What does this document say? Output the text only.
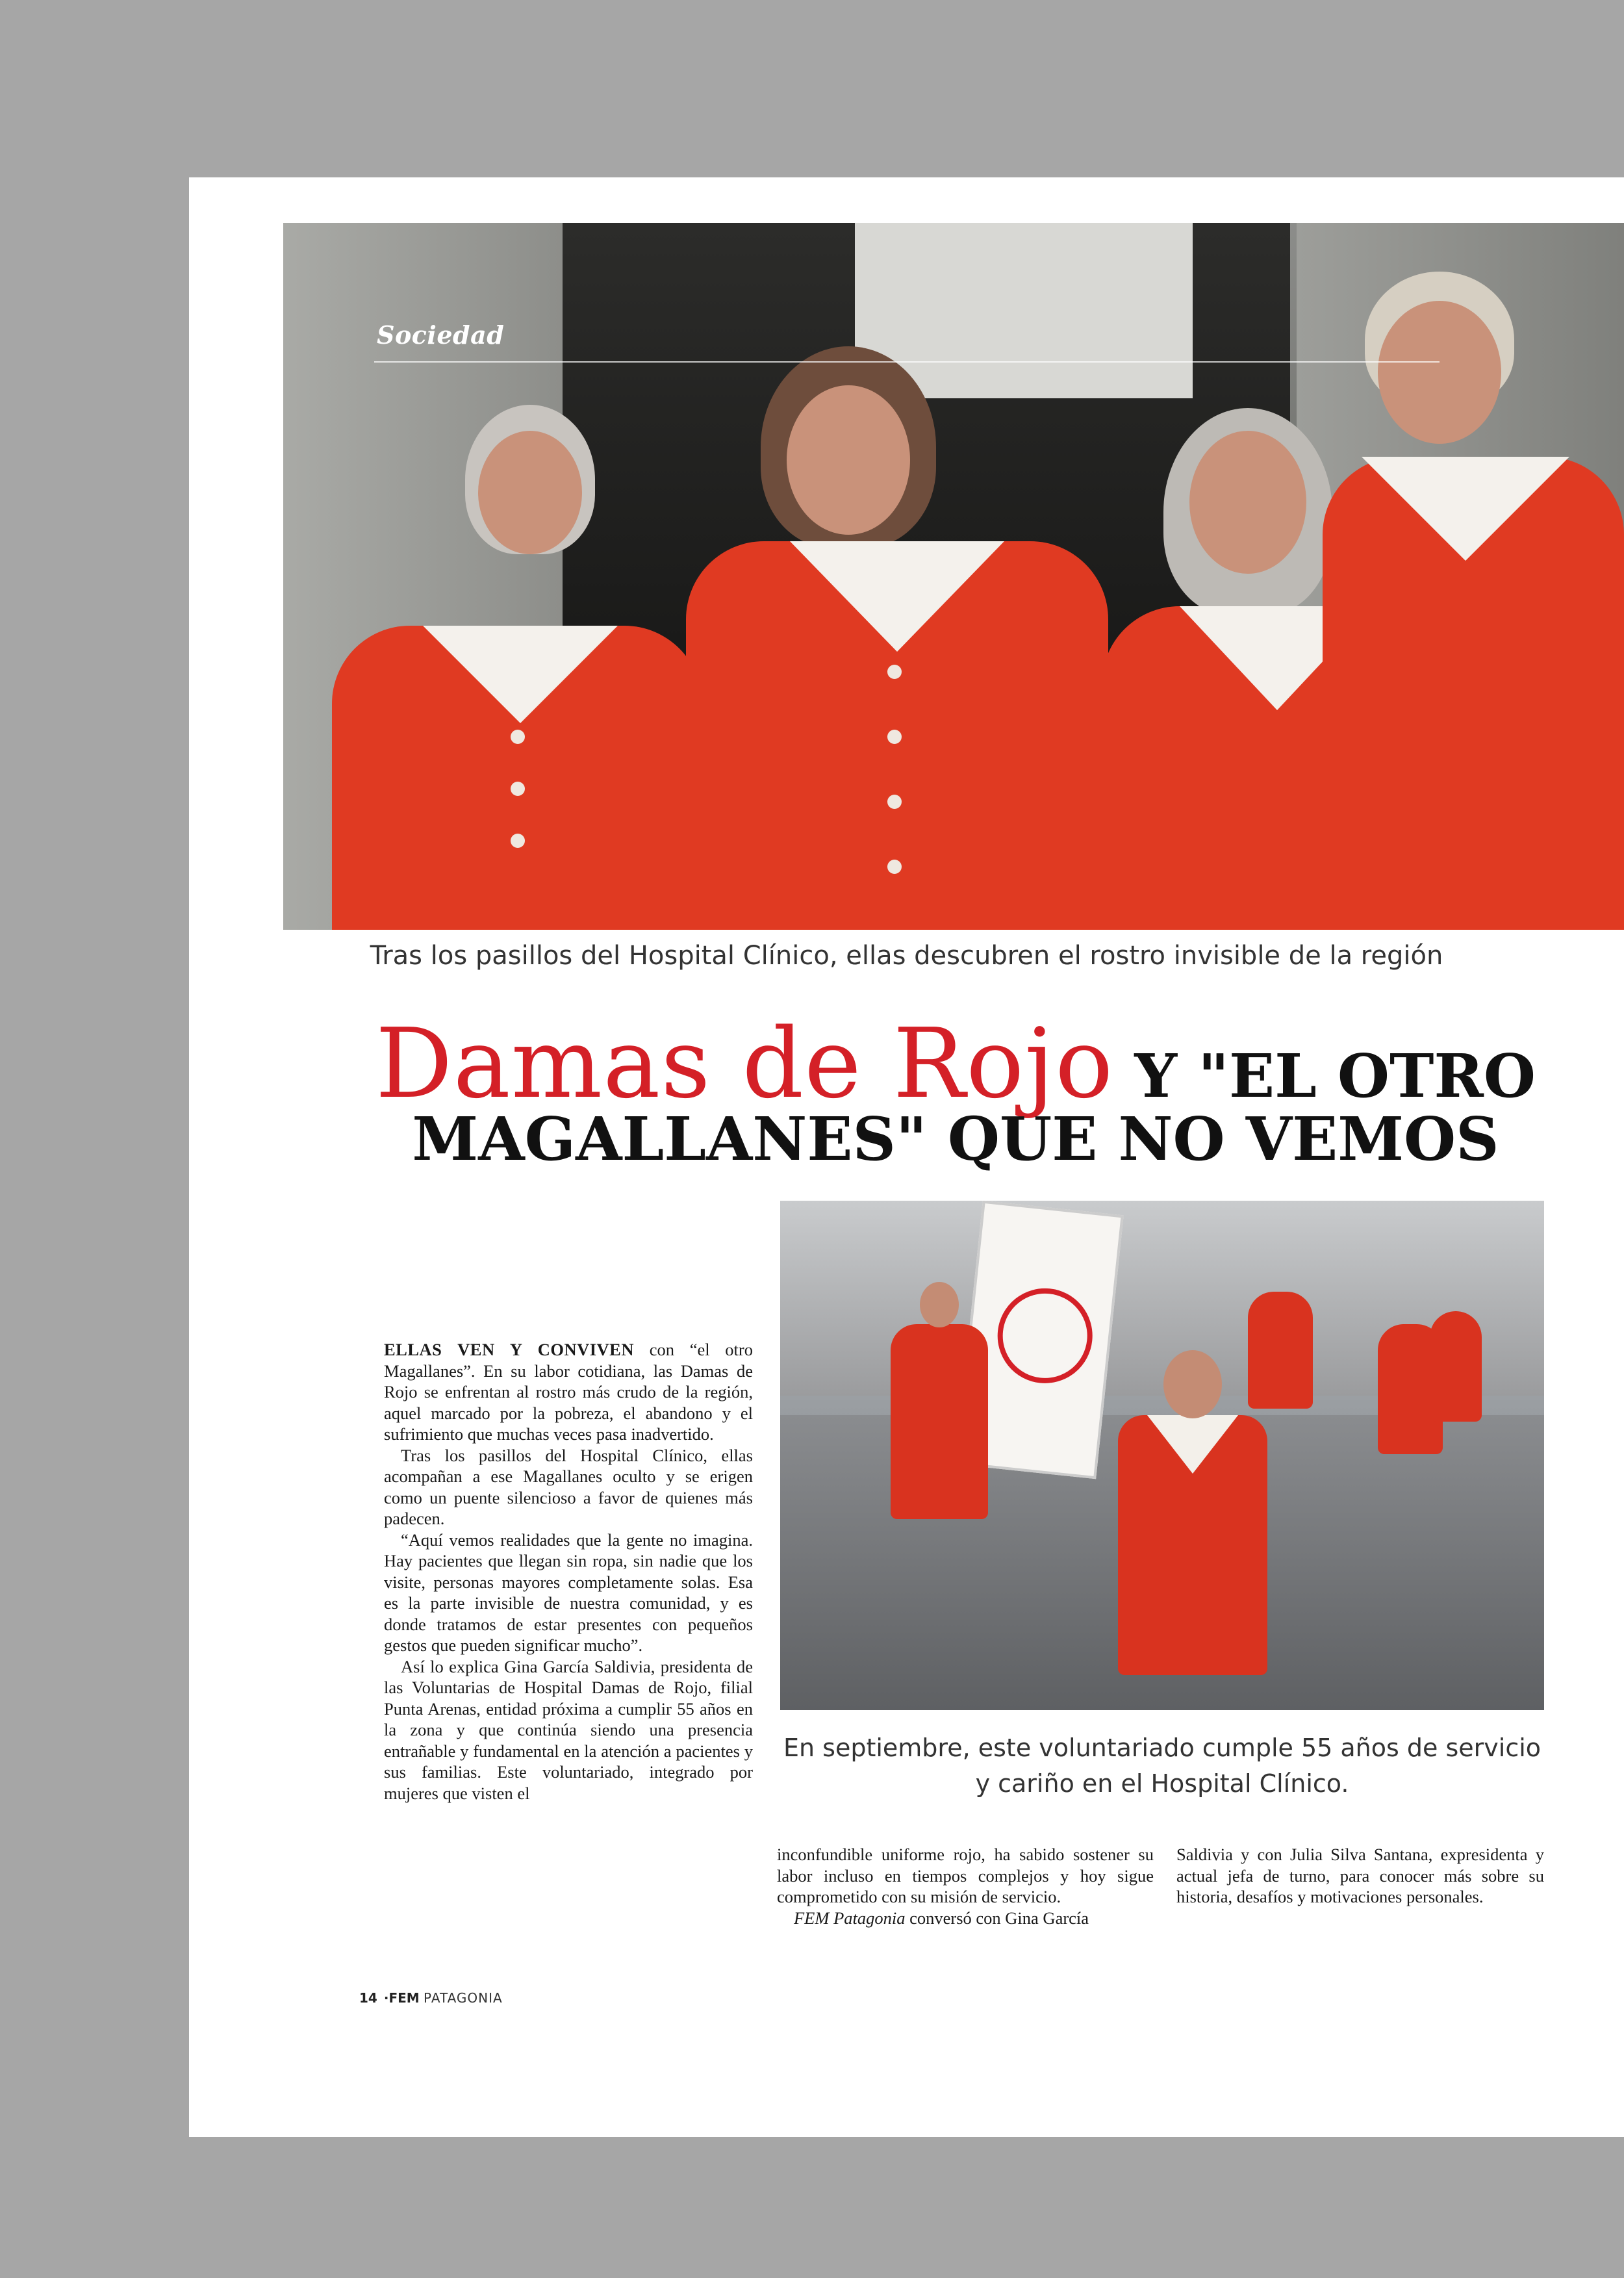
Sociedad
Tras los pasillos del Hospital Clínico, ellas descubren el rostro invisible de la región
Damas de Rojo Y "EL OTRO
MAGALLANES" QUE NO VEMOS

ELLAS VEN Y CONVIVEN con “el otro Magallanes”. En su labor cotidiana, las Damas de Rojo se enfrentan al rostro más crudo de la región, aquel marcado por la pobreza, el abandono y el sufrimiento que muchas veces pasa inadvertido.

Tras los pasillos del Hospital Clínico, ellas acompañan a ese Magallanes oculto y se erigen como un puente silencioso a favor de quienes más padecen.

“Aquí vemos realidades que la gente no imagina. Hay pacientes que llegan sin ropa, sin nadie que los visite, personas mayores completamente solas. Esa es la parte invisible de nuestra comunidad, y es donde tratamos de estar presentes con pequeños gestos que pueden significar mucho”.

Así lo explica Gina García Saldivia, presidenta de las Voluntarias de Hospital Damas de Rojo, filial Punta Arenas, entidad próxima a cumplir 55 años en la zona y que continúa siendo una presencia entrañable y fundamental en la atención a pacientes y sus familias. Este voluntariado, integrado por mujeres que visten el

En septiembre, este voluntariado cumple 55 años de servicio y cariño en el Hospital Clínico.

inconfundible uniforme rojo, ha sabido sostener su labor incluso en tiempos complejos y hoy sigue comprometido con su misión de servicio.

FEM Patagonia conversó con Gina García

Saldivia y con Julia Silva Santana, expresidenta y actual jefa de turno, para conocer más sobre su historia, desafíos y motivaciones personales.

14 ·FEM PATAGONIA
